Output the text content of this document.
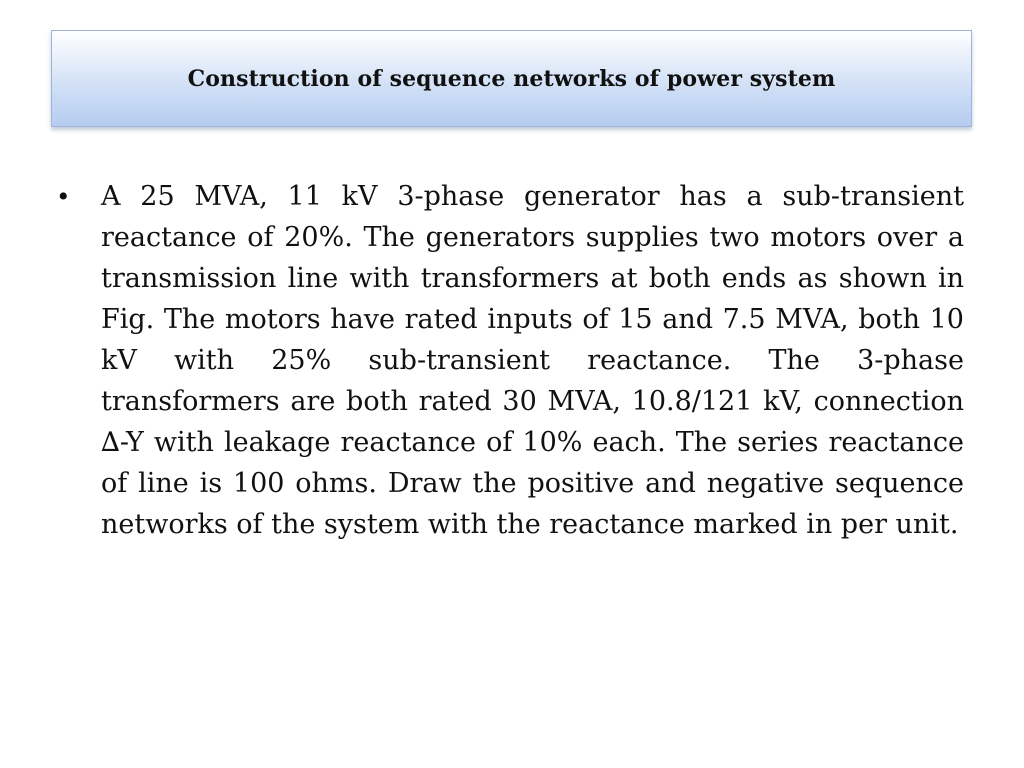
Construction of sequence networks of power system
• A 25 MVA, 11 kV 3-phase generator has a sub-transient reactance of 20%. The generators supplies two motors over a transmission line with transformers at both ends as shown in Fig. The motors have rated inputs of 15 and 7.5 MVA, both 10 kV with 25% sub-transient reactance. The 3-phase transformers are both rated 30 MVA, 10.8/121 kV, connection ∆-Y with leakage reactance of 10% each. The series reactance of line is 100 ohms. Draw the positive and negative sequence networks of the system with the reactance marked in per unit.
